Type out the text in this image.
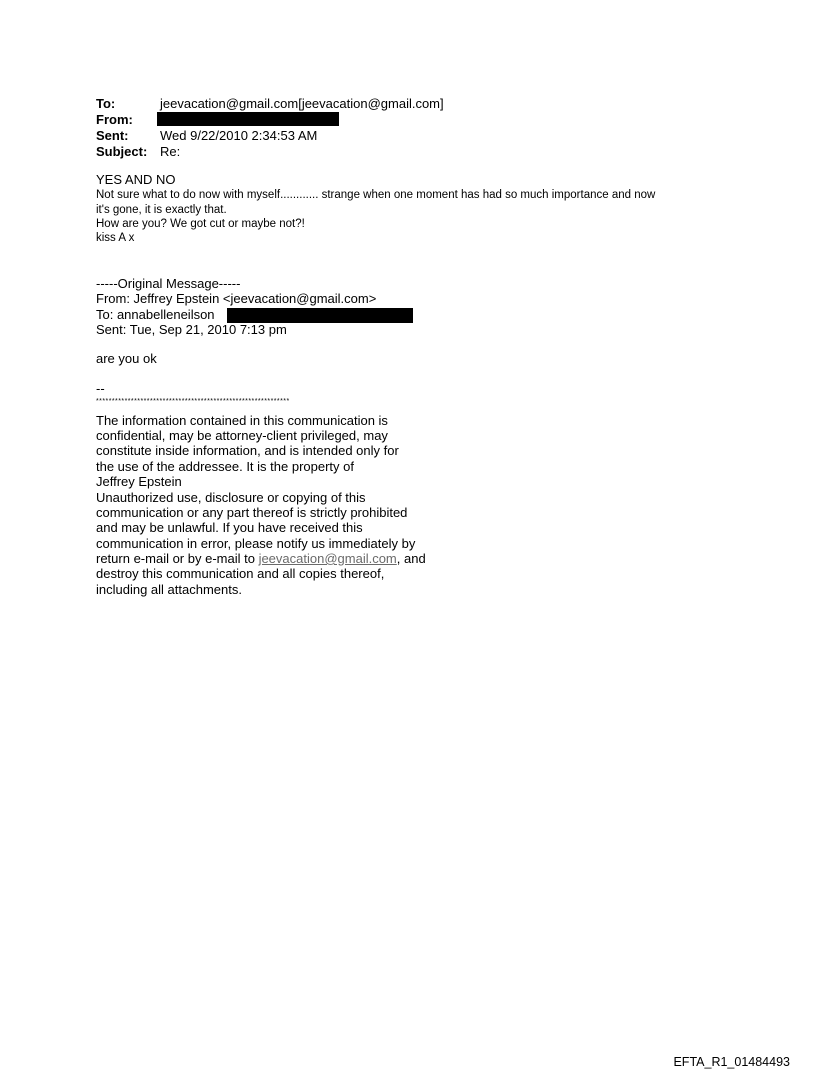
To:	jeevacation@gmail.com[jeevacation@gmail.com]
From:
Sent: Wed 9/22/2010 2:34:53 AM
Subject: Re:
YES AND NO
Not sure what to do now with myself............ strange when one moment has had so much importance and now
it's gone, it is exactly that.
How are you? We got cut or maybe not?!
kiss A x
-----Original Message-----
From: Jeffrey Epstein <jeevacation@gmail.com>
To: annabelleneilson
Sent: Tue, Sep 21, 2010 7:13 pm
are you ok
--
*************************************************************
The information contained in this communication is
confidential, may be attorney-client privileged, may
constitute inside information, and is intended only for
the use of the addressee. It is the property of
Jeffrey Epstein
Unauthorized use, disclosure or copying of this
communication or any part thereof is strictly prohibited
and may be unlawful. If you have received this
communication in error, please notify us immediately by
return e-mail or by e-mail to jeevacation@gmail.com, and
destroy this communication and all copies thereof,
including all attachments.
EFTA_R1_01484493
